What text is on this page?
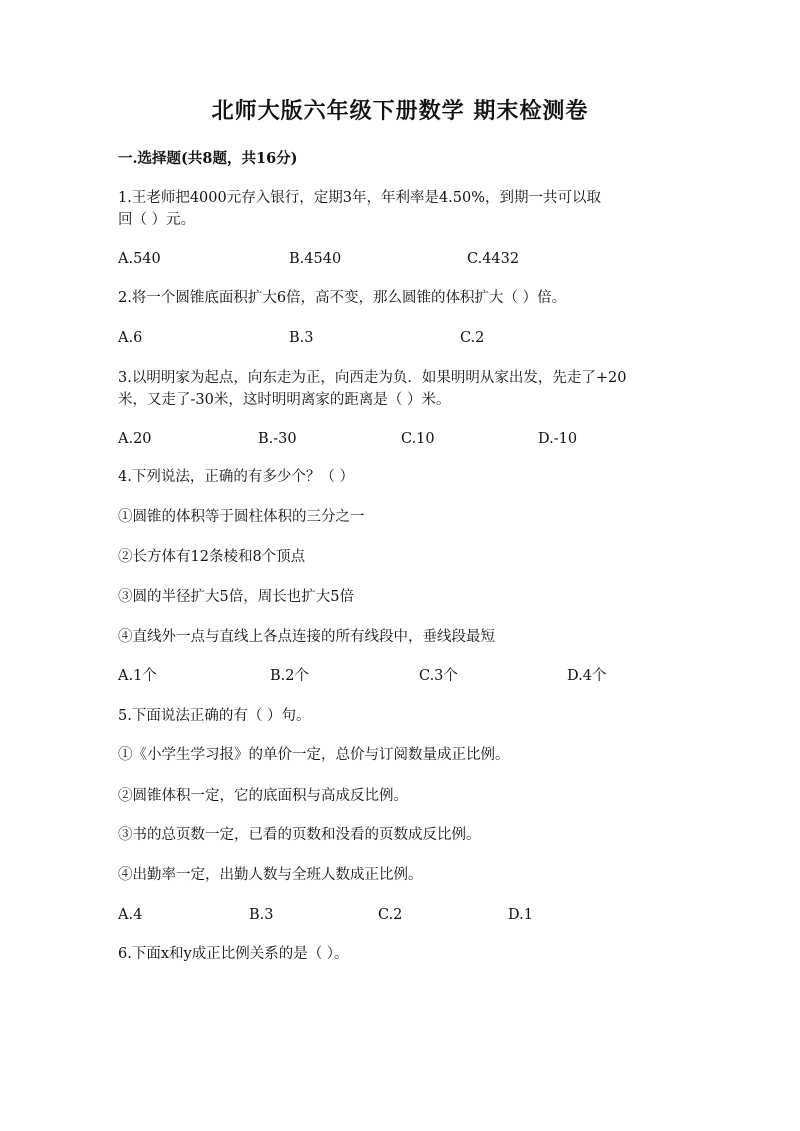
北师大版六年级下册数学 期末检测卷
一.选择题(共8题，共16分)
1.王老师把4000元存入银行，定期3年，年利率是4.50%，到期一共可以取
回（ ）元。
A.540	B.4540	C.4432
2.将一个圆锥底面积扩大6倍，高不变，那么圆锥的体积扩大（ ）倍。
A.6	B.3	C.2
3.以明明家为起点，向东走为正，向西走为负．如果明明从家出发，先走了+20
米，又走了-30米，这时明明离家的距离是（ ）米。
A.20	B.-30	C.10	D.-10
4.下列说法，正确的有多少个？（ ）
①圆锥的体积等于圆柱体积的三分之一
②长方体有12条棱和8个顶点
③圆的半径扩大5倍，周长也扩大5倍
④直线外一点与直线上各点连接的所有线段中，垂线段最短
A.1个	B.2个	C.3个	D.4个
5.下面说法正确的有（ ）句。
①《小学生学习报》的单价一定，总价与订阅数量成正比例。
②圆锥体积一定，它的底面积与高成反比例。
③书的总页数一定，已看的页数和没看的页数成反比例。
④出勤率一定，出勤人数与全班人数成正比例。
A.4	B.3	C.2	D.1
6.下面x和y成正比例关系的是（ ）。
